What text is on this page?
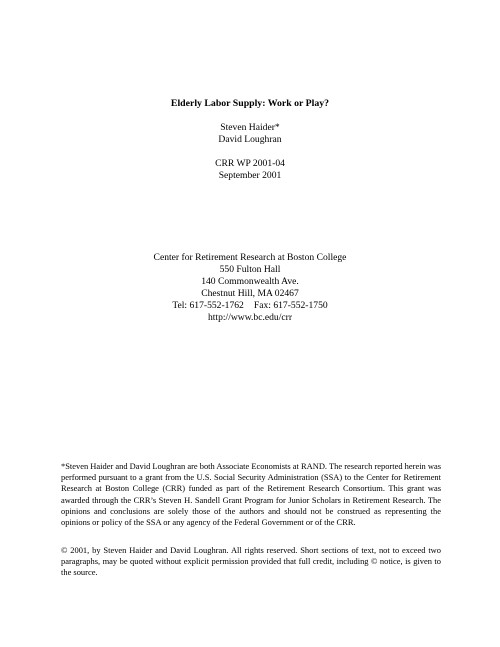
Elderly Labor Supply: Work or Play?
Steven Haider*
David Loughran
CRR WP 2001-04
September 2001
Center for Retirement Research at Boston College
550 Fulton Hall
140 Commonwealth Ave.
Chestnut Hill, MA 02467
Tel: 617-552-1762 Fax: 617-552-1750
http://www.bc.edu/crr

*Steven Haider and David Loughran are both Associate Economists at RAND. The research reported herein was performed pursuant to a grant from the U.S. Social Security Administration (SSA) to the Center for Retirement Research at Boston College (CRR) funded as part of the Retirement Research Consortium. This grant was awarded through the CRR’s Steven H. Sandell Grant Program for Junior Scholars in Retirement Research. The opinions and conclusions are solely those of the authors and should not be construed as representing the opinions or policy of the SSA or any agency of the Federal Government or of the CRR.

© 2001, by Steven Haider and David Loughran. All rights reserved. Short sections of text, not to exceed two paragraphs, may be quoted without explicit permission provided that full credit, including © notice, is given to the source.
